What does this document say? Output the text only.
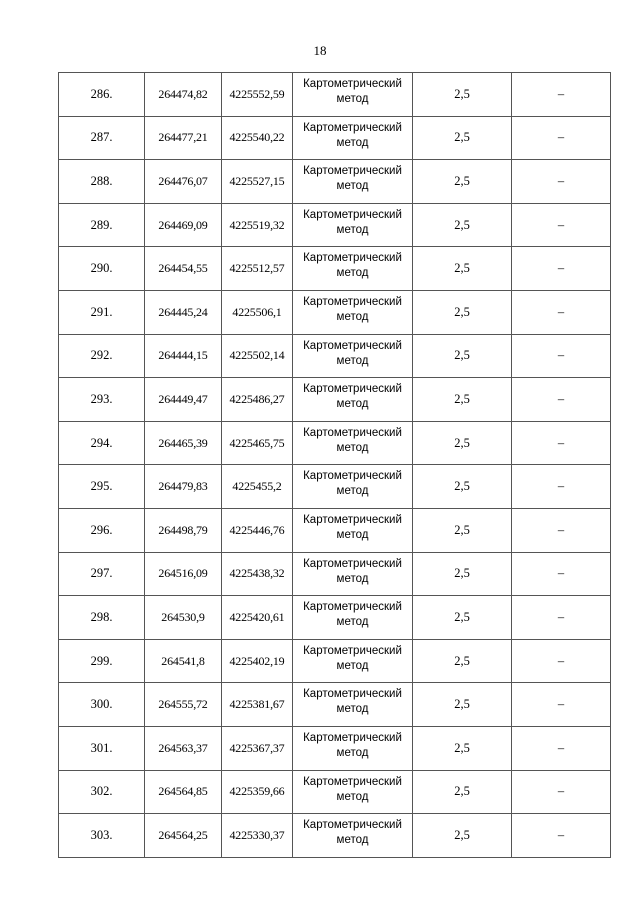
18
286.	264474,82	4225552,59	Картометрический метод	2,5	–
287.	264477,21	4225540,22	Картометрический метод	2,5	–
288.	264476,07	4225527,15	Картометрический метод	2,5	–
289.	264469,09	4225519,32	Картометрический метод	2,5	–
290.	264454,55	4225512,57	Картометрический метод	2,5	–
291.	264445,24	4225506,1	Картометрический метод	2,5	–
292.	264444,15	4225502,14	Картометрический метод	2,5	–
293.	264449,47	4225486,27	Картометрический метод	2,5	–
294.	264465,39	4225465,75	Картометрический метод	2,5	–
295.	264479,83	4225455,2	Картометрический метод	2,5	–
296.	264498,79	4225446,76	Картометрический метод	2,5	–
297.	264516,09	4225438,32	Картометрический метод	2,5	–
298.	264530,9	4225420,61	Картометрический метод	2,5	–
299.	264541,8	4225402,19	Картометрический метод	2,5	–
300.	264555,72	4225381,67	Картометрический метод	2,5	–
301.	264563,37	4225367,37	Картометрический метод	2,5	–
302.	264564,85	4225359,66	Картометрический метод	2,5	–
303.	264564,25	4225330,37	Картометрический метод	2,5	–
